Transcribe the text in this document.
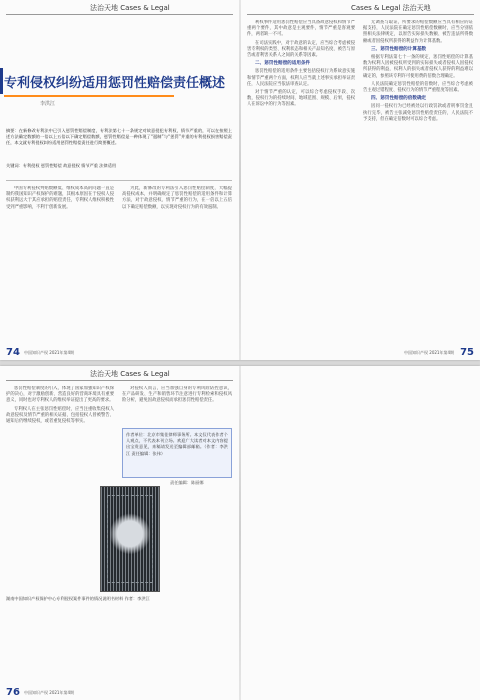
法治天地 Cases & Legal
专利侵权纠纷适用惩罚性赔偿责任概述
李洪江
摘要：在新修改专利法中已引入惩罚性赔偿制度，专利法第七十一条规定对故意侵犯专利权，情节严重的，可以在按照上述方法确定数额的一倍以上五倍以下确定赔偿数额，惩罚性赔偿是一种体现了“遏制”与“惩罚”并重的专利侵权损害赔偿责任，本文就专利侵权纠纷适用惩罚性赔偿责任进行简要概述。
关键词：专利侵权 惩罚性赔偿 故意侵权 情节严重 法律适用

中国专利侵权判赔数额低、维权成本高的问题一直是制约我国知识产权保护的难题，其根本原因在于侵权人侵权获利远大于其应承担的赔偿责任，专利权人维权积极性受到严重影响，不利于创新发展。

为此，新修改的专利法引入惩罚性赔偿制度，大幅提高侵权成本，并明确规定了惩罚性赔偿的适用条件和计算方法，对于故意侵权、情节严重的行为，在一倍以上五倍以下确定赔偿数额，以实现对侵权行为的有效遏制。

74 中国知识产权 2021年第4期
Cases & Legal 法治天地

利权事件适用惩罚性赔偿应当具备故意侵权和情节严重两个要件，其中故意是主观要件，情节严重是客观要件，两者缺一不可。

在司法实践中，对于故意的认定，应当综合考虑被侵害专利权的类型、权利状态和相关产品知名度、被告与原告或者利害关系人之间的关系等因素。

二、惩罚性赔偿的适用条件

惩罚性赔偿的适用条件主要包括侵权行为系故意实施和情节严重两个方面，权利人应当就上述事实承担举证责任，人民法院应当依法审查认定。

对于情节严重的认定，可以综合考虑侵权手段、次数，侵权行为的持续时间、地域范围、规模、后果，侵权人在诉讼中的行为等因素。

无调查与取证，所要求的赔偿数额应当具有相应的证据支持，人民法院在确定惩罚性赔偿数额时，应当分别依照相关法律规定，以原告实际损失数额、被告违法所得数额或者因侵权所获得的利益作为计算基数。

三、惩罚性赔偿的计算基数

根据专利法第七十一条的规定，惩罚性赔偿的计算基数为权利人因被侵权所受到的实际损失或者侵权人因侵权所获得的利益，权利人的损失或者侵权人获得的利益难以确定的，参照该专利许可使用费的倍数合理确定。

人民法院确定惩罚性赔偿的倍数时，应当综合考虑被告主观过错程度、侵权行为的情节严重程度等因素。

四、惩罚性赔偿的倍数确定

因同一侵权行为已经被处以行政罚款或者刑事罚金且执行完毕，被告主张减免惩罚性赔偿责任的，人民法院不予支持，但在确定倍数时可以综合考虑。

中国知识产权 2021年第4期 75
法治天地 Cases & Legal

惩罚性赔偿制度的引入，体现了国家加强知识产权保护的决心，对于激励创新、营造良好的营商环境具有重要意义，同时也对专利权人的维权举证提出了更高的要求。

专利权人在主张惩罚性赔偿时，应当注重收集侵权人故意侵权及情节严重的相关证据，包括侵权人曾被警告、通知后仍继续侵权，或者重复侵权等事实。

对侵权人而言，应当加强自身的专利风险防控意识，在产品研发、生产和销售环节注意进行专利检索和侵权风险分析，避免因故意侵权而承担惩罚性赔偿责任。

作者单位：北京市集佳律师事务所。本文仅代表作者个人观点，不代表本刊立场。欢迎广大读者对本文内容提出宝贵意见，来稿请发送至编辑部邮箱。（作者：李洪江 责任编辑：张伟）
责任编辑：陈丽娜
湖南中国知识产权保护中心专利侵权案件事件的情况说明书材料 作者：李洪江
76 中国知识产权 2021年第4期
